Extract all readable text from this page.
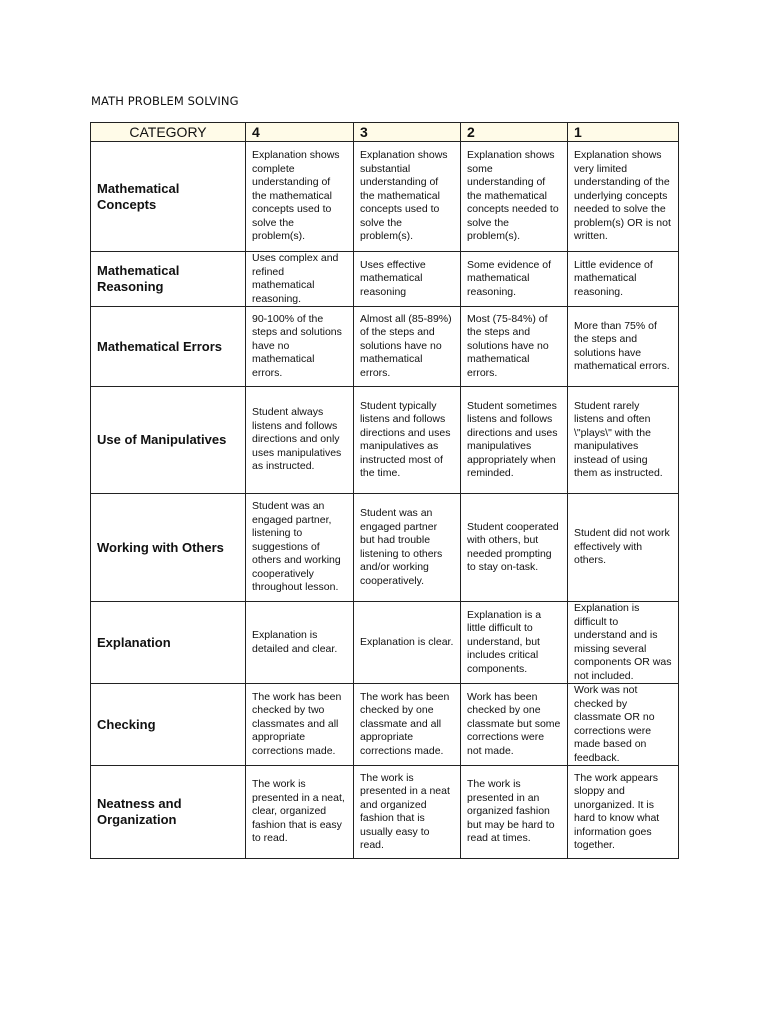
MATH PROBLEM SOLVING
CATEGORY	4	3	2	1
Mathematical Concepts	Explanation shows complete understanding of the mathematical concepts used to solve the problem(s).	Explanation shows substantial understanding of the mathematical concepts used to solve the problem(s).	Explanation shows some understanding of the mathematical concepts needed to solve the problem(s).	Explanation shows very limited understanding of the underlying concepts needed to solve the problem(s) OR is not written.
Mathematical Reasoning	Uses complex and refined mathematical reasoning.	Uses effective mathematical reasoning	Some evidence of mathematical reasoning.	Little evidence of mathematical reasoning.
Mathematical Errors	90-100% of the steps and solutions have no mathematical errors.	Almost all (85-89%) of the steps and solutions have no mathematical errors.	Most (75-84%) of the steps and solutions have no mathematical errors.	More than 75% of the steps and solutions have mathematical errors.
Use of Manipulatives	Student always listens and follows directions and only uses manipulatives as instructed.	Student typically listens and follows directions and uses manipulatives as instructed most of the time.	Student sometimes listens and follows directions and uses manipulatives appropriately when reminded.	Student rarely listens and often \"plays\" with the manipulatives instead of using them as instructed.
Working with Others	Student was an engaged partner, listening to suggestions of others and working cooperatively throughout lesson.	Student was an engaged partner but had trouble listening to others and/or working cooperatively.	Student cooperated with others, but needed prompting to stay on-task.	Student did not work effectively with others.
Explanation	Explanation is detailed and clear.	Explanation is clear.	Explanation is a little difficult to understand, but includes critical components.	Explanation is difficult to understand and is missing several components OR was not included.
Checking	The work has been checked by two classmates and all appropriate corrections made.	The work has been checked by one classmate and all appropriate corrections made.	Work has been checked by one classmate but some corrections were not made.	Work was not checked by classmate OR no corrections were made based on feedback.
Neatness and Organization	The work is presented in a neat, clear, organized fashion that is easy to read.	The work is presented in a neat and organized fashion that is usually easy to read.	The work is presented in an organized fashion but may be hard to read at times.	The work appears sloppy and unorganized. It is hard to know what information goes together.
